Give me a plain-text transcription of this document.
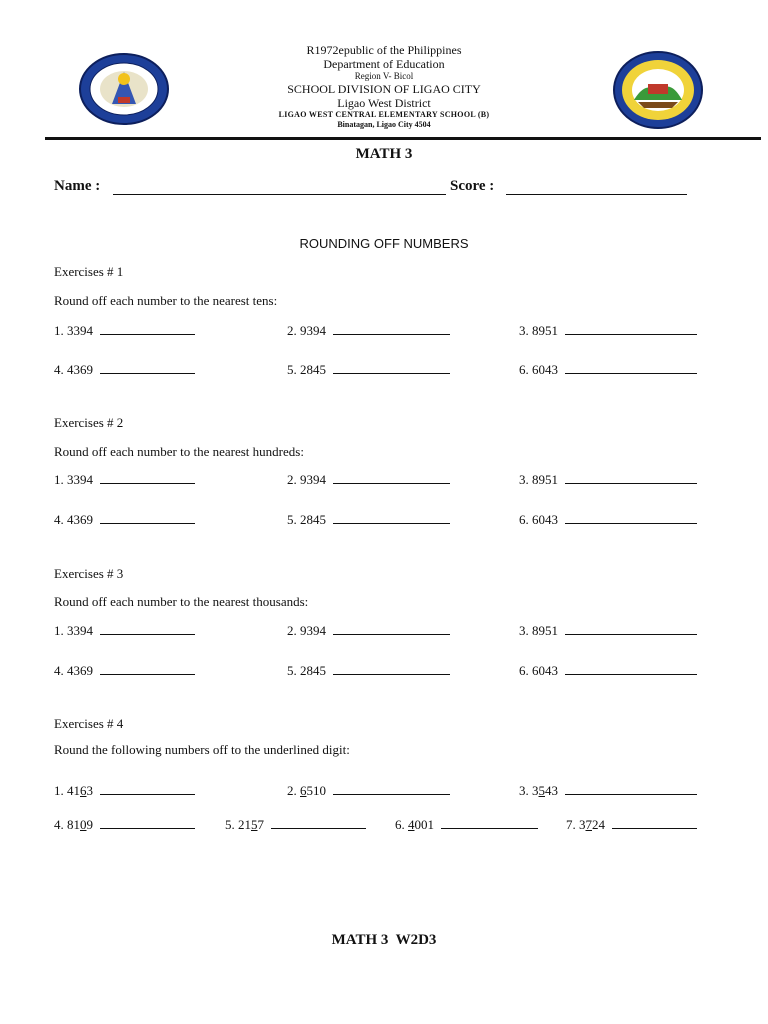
R1972epublic of the Philippines
Department of Education
Region V- Bicol
SCHOOL DIVISION OF LIGAO CITY
Ligao West District
LIGAO WEST CENTRAL ELEMENTARY SCHOOL (B)
Binatagan, Ligao City 4504
MATH 3
Name :	Score :
ROUNDING OFF NUMBERS
Exercises # 1
Round off each number to the nearest tens:
1. 3394	2. 9394	3. 8951
4. 4369	5. 2845	6. 6043
Exercises # 2
Round off each number to the nearest hundreds:
1. 3394	2. 9394	3. 8951
4. 4369	5. 2845	6. 6043
Exercises # 3
Round off each number to the nearest thousands:
1. 3394	2. 9394	3. 8951
4. 4369	5. 2845	6. 6043
Exercises # 4
Round the following numbers off to the underlined digit:
1. 4163	2. 6510	3. 3543
4. 8109	5. 2157	6. 4001	7. 3724
MATH 3  W2D3
